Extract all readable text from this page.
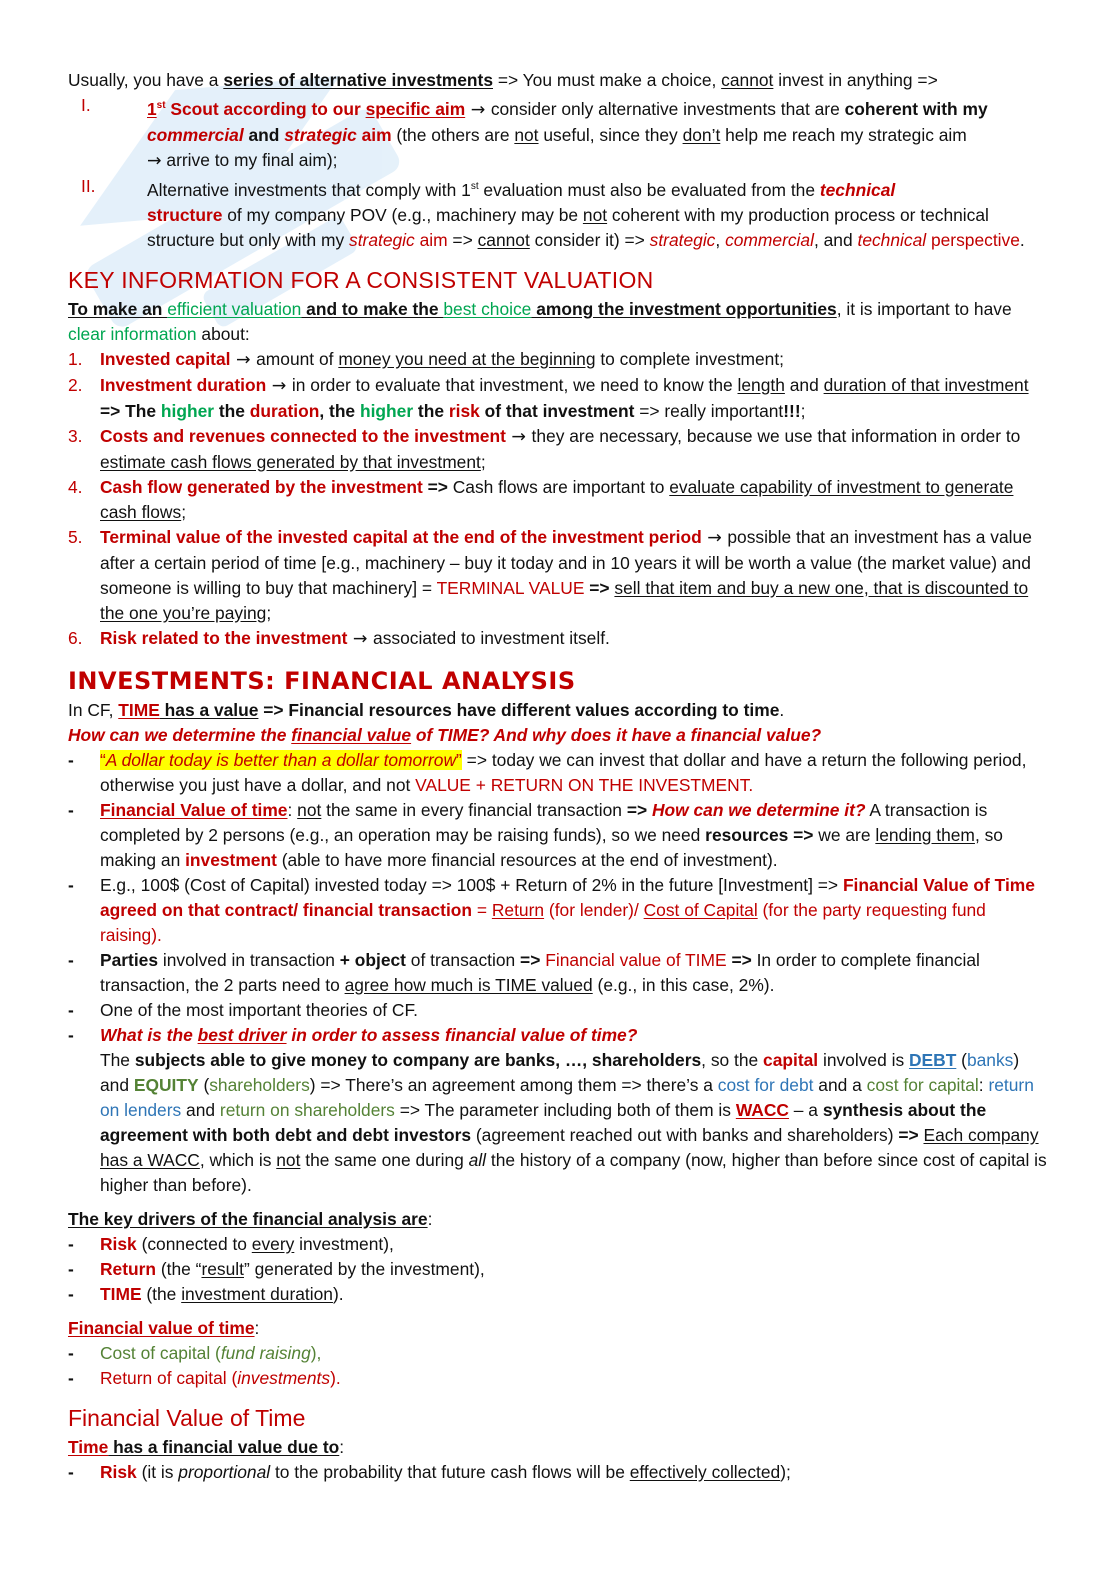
Usually, you have a series of alternative investments => You must make a choice, cannot invest in anything =>

I.	1st Scout according to our specific aim → consider only alternative investments that are coherent with my
commercial and strategic aim (the others are not useful, since they don’t help me reach my strategic aim
→ arrive to my final aim);
II.	Alternative investments that comply with 1st evaluation must also be evaluated from the technical
structure of my company POV (e.g., machinery may be not coherent with my production process or technical structure but only with my strategic aim => cannot consider it) => strategic, commercial, and technical perspective.
KEY INFORMATION FOR A CONSISTENT VALUATION

To make an efficient valuation and to make the best choice among the investment opportunities, it is important to have clear information about:

1.	Invested capital → amount of money you need at the beginning to complete investment;
2.	Investment duration → in order to evaluate that investment, we need to know the length and duration of that investment => The higher the duration, the higher the risk of that investment => really important!!!;
3.	Costs and revenues connected to the investment → they are necessary, because we use that information in order to estimate cash flows generated by that investment;
4.	Cash flow generated by the investment => Cash flows are important to evaluate capability of investment to generate cash flows;
5.	Terminal value of the invested capital at the end of the investment period → possible that an investment has a value after a certain period of time [e.g., machinery – buy it today and in 10 years it will be worth a value (the market value) and someone is willing to buy that machinery] = TERMINAL VALUE => sell that item and buy a new one, that is discounted to the one you’re paying;
6.	Risk related to the investment → associated to investment itself.
INVESTMENTS: FINANCIAL ANALYSIS

In CF, TIME has a value => Financial resources have different values according to time.

How can we determine the financial value of TIME? And why does it have a financial value?

-	“A dollar today is better than a dollar tomorrow” => today we can invest that dollar and have a return the following period, otherwise you just have a dollar, and not VALUE + RETURN ON THE INVESTMENT.
-	Financial Value of time: not the same in every financial transaction => How can we determine it? A transaction is completed by 2 persons (e.g., an operation may be raising funds), so we need resources => we are lending them, so making an investment (able to have more financial resources at the end of investment).
-	E.g., 100$ (Cost of Capital) invested today => 100$ + Return of 2% in the future [Investment] => Financial Value of Time agreed on that contract/ financial transaction = Return (for lender)/ Cost of Capital (for the party requesting fund raising).
-	Parties involved in transaction + object of transaction => Financial value of TIME => In order to complete financial transaction, the 2 parts need to agree how much is TIME valued (e.g., in this case, 2%).
-	One of the most important theories of CF.
-	What is the best driver in order to assess financial value of time?
The subjects able to give money to company are banks, …, shareholders, so the capital involved is DEBT (banks) and EQUITY (shareholders) => There’s an agreement among them => there’s a cost for debt and a cost for capital: return on lenders and return on shareholders => The parameter including both of them is WACC – a synthesis about the agreement with both debt and debt investors (agreement reached out with banks and shareholders) => Each company has a WACC, which is not the same one during all the history of a company (now, higher than before since cost of capital is higher than before).

The key drivers of the financial analysis are:

-	Risk (connected to every investment),
-	Return (the “result” generated by the investment),
-	TIME (the investment duration).

Financial value of time:

-	Cost of capital (fund raising),
-	Return of capital (investments).
Financial Value of Time

Time has a financial value due to:

-	Risk (it is proportional to the probability that future cash flows will be effectively collected);
